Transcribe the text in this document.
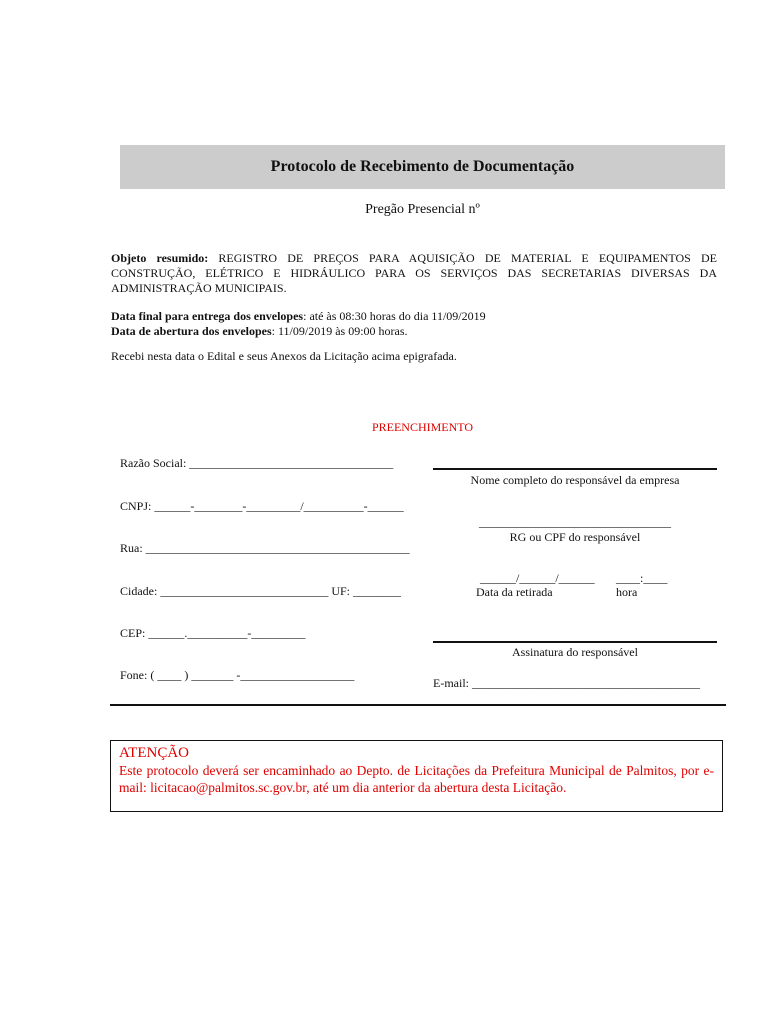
Protocolo de Recebimento de Documentação
Pregão Presencial nº
Objeto resumido: REGISTRO DE PREÇOS PARA AQUISIÇÃO DE MATERIAL E EQUIPAMENTOS DE CONSTRUÇÃO, ELÉTRICO E HIDRÁULICO PARA OS SERVIÇOS DAS SECRETARIAS DIVERSAS DA ADMINISTRAÇÃO MUNICIPAIS.
Data final para entrega dos envelopes: até às 08:30 horas do dia 11/09/2019
Data de abertura dos envelopes: 11/09/2019 às 09:00 horas.
Recebi nesta data o Edital e seus Anexos da Licitação acima epigrafada.
PREENCHIMENTO
Razão Social: __________________________________
CNPJ: ______-________-_________/__________-______
Rua: ____________________________________________
Cidade: ____________________________ UF: ________
CEP: ______.__________-_________
Fone: ( ____ ) _______ -___________________
Nome completo do responsável da empresa
________________________________
RG ou CPF do responsável
______/______/______
Data da retirada
____:____
hora
Assinatura do responsável
E-mail: ______________________________________
ATENÇÃO
Este protocolo deverá ser encaminhado ao Depto. de Licitações da Prefeitura Municipal de Palmitos, por e-mail: licitacao@palmitos.sc.gov.br, até um dia anterior da abertura desta Licitação.
